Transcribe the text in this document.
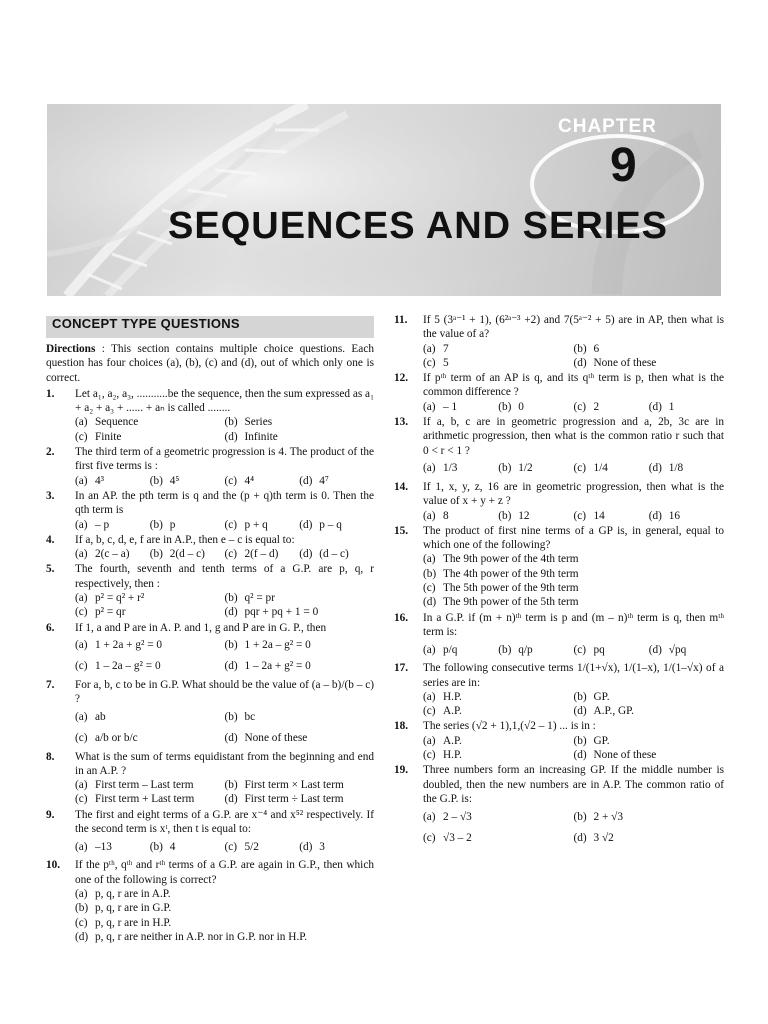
CHAPTER
9
SEQUENCES AND SERIES
CONCEPT TYPE QUESTIONS
Directions : This section contains multiple choice questions. Each question has four choices (a), (b), (c) and (d), out of which only one is correct.
1. Let a₁, a₂, a₃, ...........be the sequence, then the sum expressed as a₁ + a₂ + a₃ + ...... + aₙ is called ........
(a) Sequence	(b) Series
(c) Finite	(d) Infinite
2. The third term of a geometric progression is 4. The product of the first five terms is :
(a) 4³	(b) 4⁵	(c) 4⁴	(d) 4⁷
3. In an AP. the pth term is q and the (p + q)th term is 0. Then the qth term is
(a) – p	(b) p	(c) p + q	(d) p – q
4. If a, b, c, d, e, f are in A.P., then e – c is equal to:
(a) 2(c – a) (b) 2(d – c) (c) 2(f – d) (d) (d – c)
5. The fourth, seventh and tenth terms of a G.P. are p, q, r respectively, then :
(a) p² = q² + r²	(b) q² = pr
(c) p² = qr	(d) pqr + pq + 1 = 0
6. If 1, a and P are in A. P. and 1, g and P are in G. P., then
(a) 1 + 2a + g² = 0	(b) 1 + 2a – g² = 0
(c) 1 – 2a – g² = 0	(d) 1 – 2a + g² = 0
7. For a, b, c to be in G.P. What should be the value of (a – b)/(b – c) ?
(a) ab	(b) bc
(c) a/b or b/c	(d) None of these
8. What is the sum of terms equidistant from the beginning and end in an A.P. ?
(a) First term – Last term	(b) First term × Last term
(c) First term + Last term	(d) First term ÷ Last term
9. The first and eight terms of a G.P. are x⁻⁴ and x⁵² respectively. If the second term is xᵗ, then t is equal to:
(a) –13	(b) 4	(c) 5/2	(d) 3
10. If the pᵗʰ, qᵗʰ and rᵗʰ terms of a G.P. are again in G.P., then which one of the following is correct?
(a) p, q, r are in A.P.
(b) p, q, r are in G.P.
(c) p, q, r are in H.P.
(d) p, q, r are neither in A.P. nor in G.P. nor in H.P.
11. If 5 (3ᵃ⁻¹ + 1), (6²ᵃ⁻³ +2) and 7(5ᵃ⁻² + 5) are in AP, then what is the value of a?
(a) 7	(b) 6
(c) 5	(d) None of these
12. If pᵗʰ term of an AP is q, and its qᵗʰ term is p, then what is the common difference ?
(a) – 1	(b) 0	(c) 2	(d) 1
13. If a, b, c are in geometric progression and a, 2b, 3c are in arithmetic progression, then what is the common ratio r such that 0 < r < 1 ?
(a) 1/3	(b) 1/2	(c) 1/4	(d) 1/8
14. If 1, x, y, z, 16 are in geometric progression, then what is the value of x + y + z ?
(a) 8	(b) 12	(c) 14	(d) 16
15. The product of first nine terms of a GP is, in general, equal to which one of the following?
(a) The 9th power of the 4th term
(b) The 4th power of the 9th term
(c) The 5th power of the 9th term
(d) The 9th power of the 5th term
16. In a G.P. if (m + n)ᵗʰ term is p and (m – n)ᵗʰ term is q, then mᵗʰ term is:
(a) p/q	(b) q/p	(c) pq	(d) √pq
17. The following consecutive terms 1/(1+√x), 1/(1–x), 1/(1–√x) of a series are in:
(a) H.P.	(b) GP.
(c) A.P.	(d) A.P., GP.
18. The series (√2 + 1),1,(√2 – 1) ... is in :
(a) A.P.	(b) GP.
(c) H.P.	(d) None of these
19. Three numbers form an increasing GP. If the middle number is doubled, then the new numbers are in A.P. The common ratio of the G.P. is:
(a) 2 – √3	(b) 2 + √3
(c) √3 – 2	(d) 3 √2
